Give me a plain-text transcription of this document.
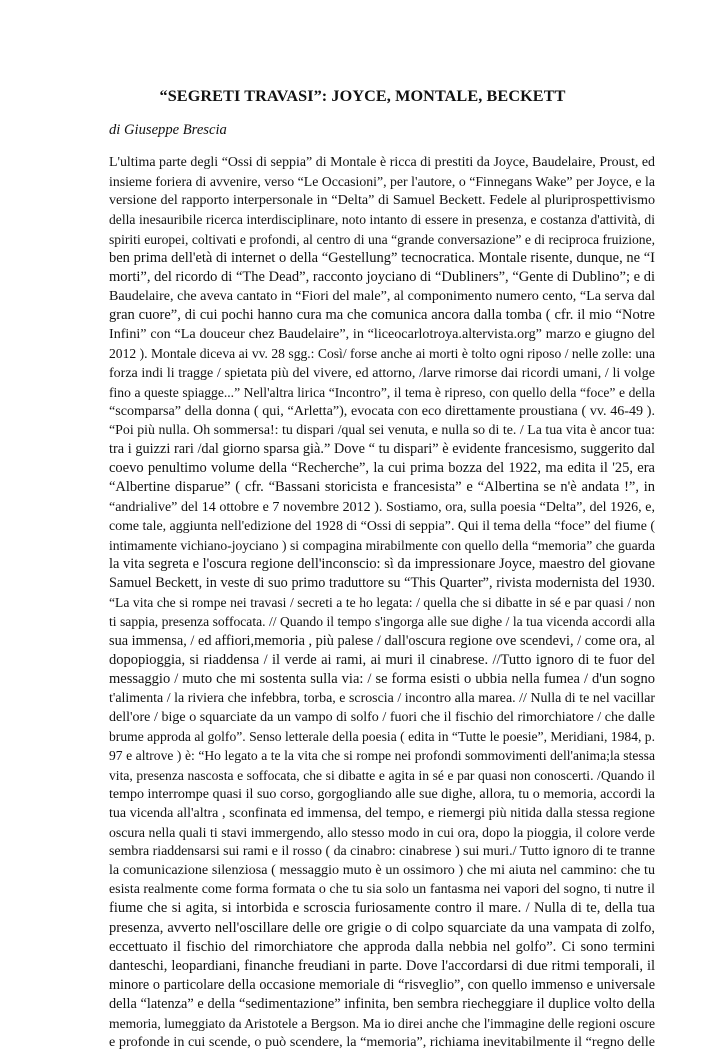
“SEGRETI TRAVASI”: JOYCE, MONTALE, BECKETT

di Giuseppe Brescia

L'ultima parte degli “Ossi di seppia” di Montale è ricca di prestiti da Joyce, Baudelaire, Proust, ed
insieme foriera di avvenire, verso “Le Occasioni”, per l'autore, o “Finnegans Wake” per Joyce, e la
versione del rapporto interpersonale in “Delta” di Samuel Beckett. Fedele al pluriprospettivismo
della inesauribile ricerca interdisciplinare, noto intanto di essere in presenza, e costanza d'attività, di
spiriti europei, coltivati e profondi, al centro di una “grande conversazione” e di reciproca fruizione,
ben prima dell'età di internet o della “Gestellung” tecnocratica. Montale risente, dunque, ne “I
morti”, del ricordo di “The Dead”, racconto joyciano di “Dubliners”, “Gente di Dublino”; e di
Baudelaire, che aveva cantato in “Fiori del male”, al componimento numero cento, “La serva dal
gran cuore”, di cui pochi hanno cura ma che comunica ancora dalla tomba ( cfr. il mio “Notre
Infini” con “La douceur chez Baudelaire”, in “liceocarlotroya.altervista.org” marzo e giugno del
2012 ). Montale diceva ai vv. 28 sgg.: Così/ forse anche ai morti è tolto ogni riposo / nelle zolle: una
forza indi li tragge / spietata più del vivere, ed attorno, /larve rimorse dai ricordi umani, / li volge
fino a queste spiagge...” Nell'altra lirica “Incontro”, il tema è ripreso, con quello della “foce” e della
“scomparsa” della donna ( qui, “Arletta”), evocata con eco direttamente proustiana ( vv. 46-49 ).
“Poi più nulla. Oh sommersa!: tu dispari /qual sei venuta, e nulla so di te. / La tua vita è ancor tua:
tra i guizzi rari /dal giorno sparsa già.” Dove “ tu dispari” è evidente francesismo, suggerito dal
coevo penultimo volume della “Recherche”, la cui prima bozza del 1922, ma edita il '25, era
“Albertine disparue” ( cfr. “Bassani storicista e francesista” e “Albertina se n'è andata !”, in
“andrialive” del 14 ottobre e 7 novembre 2012 ). Sostiamo, ora, sulla poesia “Delta”, del 1926, e,
come tale, aggiunta nell'edizione del 1928 di “Ossi di seppia”. Qui il tema della “foce” del fiume (
intimamente vichiano-joyciano ) si compagina mirabilmente con quello della “memoria” che guarda
la vita segreta e l'oscura regione dell'inconscio: sì da impressionare Joyce, maestro del giovane
Samuel Beckett, in veste di suo primo traduttore su “This Quarter”, rivista modernista del 1930.
“La vita che si rompe nei travasi / secreti a te ho legata: / quella che si dibatte in sé e par quasi / non
ti sappia, presenza soffocata. // Quando il tempo s'ingorga alle sue dighe / la tua vicenda accordi alla
sua immensa, / ed affiori,memoria , più palese / dall'oscura regione ove scendevi, / come ora, al
dopopioggia, si riaddensa / il verde ai rami, ai muri il cinabrese. //Tutto ignoro di te fuor del
messaggio / muto che mi sostenta sulla via: / se forma esisti o ubbia nella fumea / d'un sogno
t'alimenta / la riviera che infebbra, torba, e scroscia / incontro alla marea. // Nulla di te nel vacillar
dell'ore / bige o squarciate da un vampo di solfo / fuori che il fischio del rimorchiatore / che dalle
brume approda al golfo”. Senso letterale della poesia ( edita in “Tutte le poesie”, Meridiani, 1984, p.
97 e altrove ) è: “Ho legato a te la vita che si rompe nei profondi sommovimenti dell'anima;la stessa
vita, presenza nascosta e soffocata, che si dibatte e agita in sé e par quasi non conoscerti. /Quando il
tempo interrompe quasi il suo corso, gorgogliando alle sue dighe, allora, tu o memoria, accordi la
tua vicenda all'altra , sconfinata ed immensa, del tempo, e riemergi più nitida dalla stessa regione
oscura nella quali ti stavi immergendo, allo stesso modo in cui ora, dopo la pioggia, il colore verde
sembra riaddensarsi sui rami e il rosso ( da cinabro: cinabrese ) sui muri./ Tutto ignoro di te tranne
la comunicazione silenziosa ( messaggio muto è un ossimoro ) che mi aiuta nel cammino: che tu
esista realmente come forma formata o che tu sia solo un fantasma nei vapori del sogno, ti nutre il
fiume che si agita, si intorbida e scroscia furiosamente contro il mare. / Nulla di te, della tua
presenza, avverto nell'oscillare delle ore grigie o di colpo squarciate da una vampata di zolfo,
eccettuato il fischio del rimorchiatore che approda dalla nebbia nel golfo”. Ci sono termini
danteschi, leopardiani, finanche freudiani in parte. Dove l'accordarsi di due ritmi temporali, il
minore o particolare della occasione memoriale di “risveglio”, con quello immenso e universale
della “latenza” e della “sedimentazione” infinita, ben sembra riecheggiare il duplice volto della
memoria, lumeggiato da Aristotele a Bergson. Ma io direi anche che l'immagine delle regioni oscure
e profonde in cui scende, o può scendere, la “memoria”, richiama inevitabilmente il “regno delle
